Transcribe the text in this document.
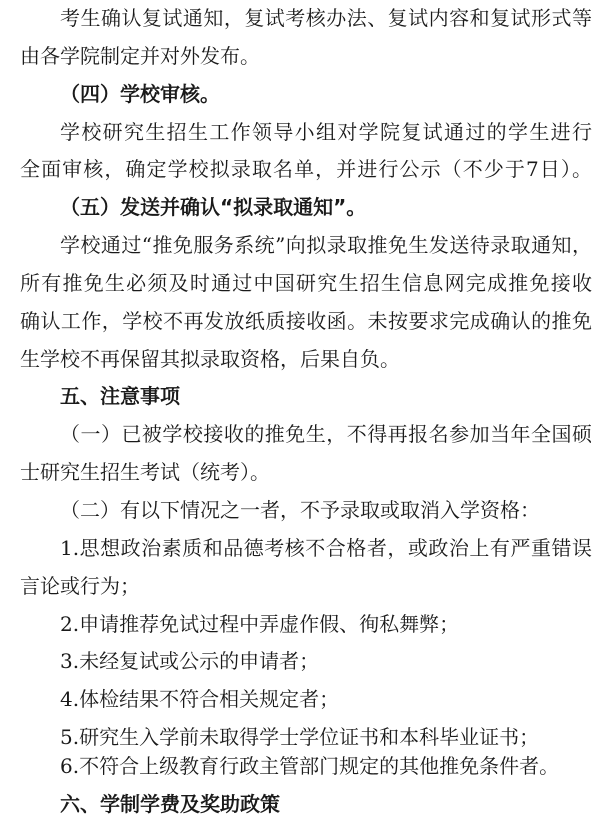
考生确认复试通知，复试考核办法、复试内容和复试形式等
由各学院制定并对外发布。
（四）学校审核。
学校研究生招生工作领导小组对学院复试通过的学生进行
全面审核，确定学校拟录取名单，并进行公示（不少于7日）。
（五）发送并确认“拟录取通知”。
学校通过“推免服务系统”向拟录取推免生发送待录取通知，
所有推免生必须及时通过中国研究生招生信息网完成推免接收
确认工作，学校不再发放纸质接收函。未按要求完成确认的推免
生学校不再保留其拟录取资格，后果自负。
五、注意事项
（一）已被学校接收的推免生，不得再报名参加当年全国硕
士研究生招生考试（统考）。
（二）有以下情况之一者，不予录取或取消入学资格：
1.思想政治素质和品德考核不合格者，或政治上有严重错误
言论或行为；
2.申请推荐免试过程中弄虚作假、徇私舞弊；
3.未经复试或公示的申请者；
4.体检结果不符合相关规定者；
5.研究生入学前未取得学士学位证书和本科毕业证书；
6.不符合上级教育行政主管部门规定的其他推免条件者。
六、学制学费及奖助政策
